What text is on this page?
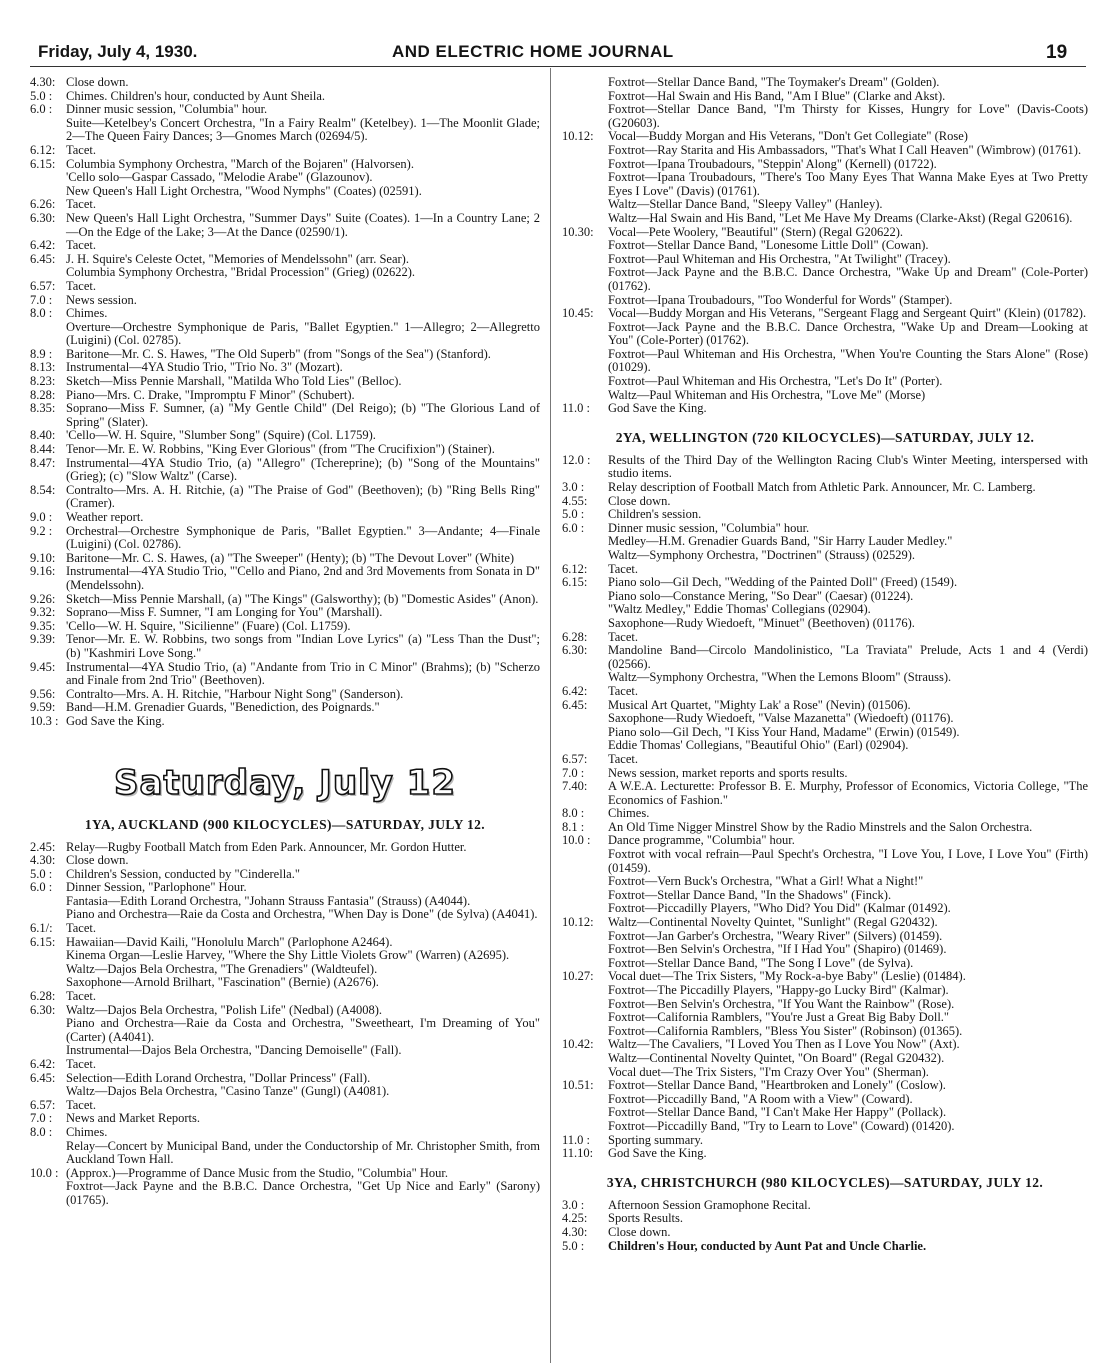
Friday, July 4, 1930.	AND ELECTRIC HOME JOURNAL	19
4.30: Close down.
5.0 :	Chimes. Children's hour, conducted by Aunt Sheila.
6.0 :	Dinner music session, "Columbia" hour.
Suite—Ketelbey's Concert Orchestra, "In a Fairy Realm" (Ketelbey). 1—The Moonlit Glade; 2—The Queen Fairy Dances; 3—Gnomes March (02694/5).
6.12: Tacet.
6.15: Columbia Symphony Orchestra, "March of the Bojaren" (Halvorsen).
'Cello solo—Gaspar Cassado, "Melodie Arabe" (Glazounov).
New Queen's Hall Light Orchestra, "Wood Nymphs" (Coates) (02591).
6.26: Tacet.
6.30: New Queen's Hall Light Orchestra, "Summer Days" Suite (Coates). 1—In a Country Lane; 2—On the Edge of the Lake; 3—At the Dance (02590/1).
6.42: Tacet.
6.45: J. H. Squire's Celeste Octet, "Memories of Mendelssohn" (arr. Sear).
Columbia Symphony Orchestra, "Bridal Procession" (Grieg) (02622).
6.57: Tacet.
7.0 :	News session.
8.0 :	Chimes.
Overture—Orchestre Symphonique de Paris, "Ballet Egyptien." 1—Allegro; 2—Allegretto (Luigini) (Col. 02785).
8.9 :	Baritone—Mr. C. S. Hawes, "The Old Superb" (from "Songs of the Sea") (Stanford).
8.13: Instrumental—4YA Studio Trio, "Trio No. 3" (Mozart).
8.23: Sketch—Miss Pennie Marshall, "Matilda Who Told Lies" (Belloc).
8.28: Piano—Mrs. C. Drake, "Impromptu F Minor" (Schubert).
8.35: Soprano—Miss F. Sumner, (a) "My Gentle Child" (Del Reigo); (b) "The Glorious Land of Spring" (Slater).
8.40: 'Cello—W. H. Squire, "Slumber Song" (Squire) (Col. L1759).
8.44: Tenor—Mr. E. W. Robbins, "King Ever Glorious" (from "The Crucifixion") (Stainer).
8.47: Instrumental—4YA Studio Trio, (a) "Allegro" (Tchereprine); (b) "Song of the Mountains" (Grieg); (c) "Slow Waltz" (Carse).
8.54: Contralto—Mrs. A. H. Ritchie, (a) "The Praise of God" (Beethoven); (b) "Ring Bells Ring" (Cramer).
9.0 :	Weather report.
9.2 :	Orchestral—Orchestre Symphonique de Paris, "Ballet Egyptien." 3—Andante; 4—Finale (Luigini) (Col. 02786).
9.10: Baritone—Mr. C. S. Hawes, (a) "The Sweeper" (Henty); (b) "The Devout Lover" (White)
9.16: Instrumental—4YA Studio Trio, "'Cello and Piano, 2nd and 3rd Movements from Sonata in D" (Mendelssohn).
9.26: Sketch—Miss Pennie Marshall, (a) "The Kings" (Galsworthy); (b) "Domestic Asides" (Anon).
9.32: Soprano—Miss F. Sumner, "I am Longing for You" (Marshall).
9.35: 'Cello—W. H. Squire, "Sicilienne" (Fuare) (Col. L1759).
9.39: Tenor—Mr. E. W. Robbins, two songs from "Indian Love Lyrics" (a) "Less Than the Dust"; (b) "Kashmiri Love Song."
9.45: Instrumental—4YA Studio Trio, (a) "Andante from Trio in C Minor" (Brahms); (b) "Scherzo and Finale from 2nd Trio" (Beethoven).
9.56: Contralto—Mrs. A. H. Ritchie, "Harbour Night Song" (Sanderson).
9.59: Band—H.M. Grenadier Guards, "Benediction, des Poignards."
10.3 : God Save the King.
Saturday, July 12
1YA, AUCKLAND (900 KILOCYCLES)—SATURDAY, JULY 12.
2.45: Relay—Rugby Football Match from Eden Park. Announcer, Mr. Gordon Hutter.
4.30: Close down.
5.0 :	Children's Session, conducted by "Cinderella."
6.0 :	Dinner Session, "Parlophone" Hour.
Fantasia—Edith Lorand Orchestra, "Johann Strauss Fantasia" (Strauss) (A4044).
Piano and Orchestra—Raie da Costa and Orchestra, "When Day is Done" (de Sylva) (A4041).
6.1/:	Tacet.
6.15: Hawaiian—David Kaili, "Honolulu March" (Parlophone A2464).
Kinema Organ—Leslie Harvey, "Where the Shy Little Violets Grow" (Warren) (A2695).
Waltz—Dajos Bela Orchestra, "The Grenadiers" (Waldteufel).
Saxophone—Arnold Brilhart, "Fascination" (Bernie) (A2676).
6.28: Tacet.
6.30: Waltz—Dajos Bela Orchestra, "Polish Life" (Nedbal) (A4008).
Piano and Orchestra—Raie da Costa and Orchestra, "Sweetheart, I'm Dreaming of You" (Carter) (A4041).
Instrumental—Dajos Bela Orchestra, "Dancing Demoiselle" (Fall).
6.42: Tacet.
6.45: Selection—Edith Lorand Orchestra, "Dollar Princess" (Fall).
Waltz—Dajos Bela Orchestra, "Casino Tanze" (Gungl) (A4081).
6.57: Tacet.
7.0 :	News and Market Reports.
8.0 :	Chimes.
Relay—Concert by Municipal Band, under the Conductorship of Mr. Christopher Smith, from Auckland Town Hall.
10.0 : (Approx.)—Programme of Dance Music from the Studio, "Columbia" Hour.
Foxtrot—Jack Payne and the B.B.C. Dance Orchestra, "Get Up Nice and Early" (Sarony) (01765).
Foxtrot—Stellar Dance Band, "The Toymaker's Dream" (Golden).
Foxtrot—Hal Swain and His Band, "Am I Blue" (Clarke and Akst).
Foxtrot—Stellar Dance Band, "I'm Thirsty for Kisses, Hungry for Love" (Davis-Coots) (G20603).
10.12:	Vocal—Buddy Morgan and His Veterans, "Don't Get Collegiate" (Rose)
Foxtrot—Ray Starita and His Ambassadors, "That's What I Call Heaven" (Wimbrow) (01761).
Foxtrot—Ipana Troubadours, "Steppin' Along" (Kernell) (01722).
Foxtrot—Ipana Troubadours, "There's Too Many Eyes That Wanna Make Eyes at Two Pretty Eyes I Love" (Davis) (01761).
Waltz—Stellar Dance Band, "Sleepy Valley" (Hanley).
Waltz—Hal Swain and His Band, "Let Me Have My Dreams (Clarke-Akst) (Regal G20616).
10.30:	Vocal—Pete Woolery, "Beautiful" (Stern) (Regal G20622).
Foxtrot—Stellar Dance Band, "Lonesome Little Doll" (Cowan).
Foxtrot—Paul Whiteman and His Orchestra, "At Twilight" (Tracey).
Foxtrot—Jack Payne and the B.B.C. Dance Orchestra, "Wake Up and Dream" (Cole-Porter) (01762).
Foxtrot—Ipana Troubadours, "Too Wonderful for Words" (Stamper).
10.45:	Vocal—Buddy Morgan and His Veterans, "Sergeant Flagg and Sergeant Quirt" (Klein) (01782).
Foxtrot—Jack Payne and the B.B.C. Dance Orchestra, "Wake Up and Dream—Looking at You" (Cole-Porter) (01762).
Foxtrot—Paul Whiteman and His Orchestra, "When You're Counting the Stars Alone" (Rose) (01029).
Foxtrot—Paul Whiteman and His Orchestra, "Let's Do It" (Porter).
Waltz—Paul Whiteman and His Orchestra, "Love Me" (Morse)
11.0 :	God Save the King.
2YA, WELLINGTON (720 KILOCYCLES)—SATURDAY, JULY 12.
12.0 :	Results of the Third Day of the Wellington Racing Club's Winter Meeting, interspersed with studio items.
3.0 :	Relay description of Football Match from Athletic Park. Announcer, Mr. C. Lamberg.
4.55:	Close down.
5.0 :	Children's session.
6.0 :	Dinner music session, "Columbia" hour.
Medley—H.M. Grenadier Guards Band, "Sir Harry Lauder Medley."
Waltz—Symphony Orchestra, "Doctrinen" (Strauss) (02529).
6.12:	Tacet.
6.15:	Piano solo—Gil Dech, "Wedding of the Painted Doll" (Freed) (1549).
Piano solo—Constance Mering, "So Dear" (Caesar) (01224).
"Waltz Medley," Eddie Thomas' Collegians (02904).
Saxophone—Rudy Wiedoeft, "Minuet" (Beethoven) (01176).
6.28:	Tacet.
6.30:	Mandoline Band—Circolo Mandolinistico, "La Traviata" Prelude, Acts 1 and 4 (Verdi) (02566).
Waltz—Symphony Orchestra, "When the Lemons Bloom" (Strauss).
6.42:	Tacet.
6.45:	Musical Art Quartet, "Mighty Lak' a Rose" (Nevin) (01506).
Saxophone—Rudy Wiedoeft, "Valse Mazanetta" (Wiedoeft) (01176).
Piano solo—Gil Dech, "I Kiss Your Hand, Madame" (Erwin) (01549).
Eddie Thomas' Collegians, "Beautiful Ohio" (Earl) (02904).
6.57:	Tacet.
7.0 :	News session, market reports and sports results.
7.40:	A W.E.A. Lecturette: Professor B. E. Murphy, Professor of Economics, Victoria College, "The Economics of Fashion."
8.0 :	Chimes.
8.1 :	An Old Time Nigger Minstrel Show by the Radio Minstrels and the Salon Orchestra.
10.0 :	Dance programme, "Columbia" hour.
Foxtrot with vocal refrain—Paul Specht's Orchestra, "I Love You, I Love, I Love You" (Firth) (01459).
Foxtrot—Vern Buck's Orchestra, "What a Girl! What a Night!"
Foxtrot—Stellar Dance Band, "In the Shadows" (Finck).
Foxtrot—Piccadilly Players, "Who Did? You Did" (Kalmar (01492).
10.12:	Waltz—Continental Novelty Quintet, "Sunlight" (Regal G20432).
Foxtrot—Jan Garber's Orchestra, "Weary River" (Silvers) (01459).
Foxtrot—Ben Selvin's Orchestra, "If I Had You" (Shapiro) (01469).
Foxtrot—Stellar Dance Band, "The Song I Love" (de Sylva).
10.27:	Vocal duet—The Trix Sisters, "My Rock-a-bye Baby" (Leslie) (01484).
Foxtrot—The Piccadilly Players, "Happy-go Lucky Bird" (Kalmar).
Foxtrot—Ben Selvin's Orchestra, "If You Want the Rainbow" (Rose).
Foxtrot—California Ramblers, "You're Just a Great Big Baby Doll."
Foxtrot—California Ramblers, "Bless You Sister" (Robinson) (01365).
10.42:	Waltz—The Cavaliers, "I Loved You Then as I Love You Now" (Axt).
Waltz—Continental Novelty Quintet, "On Board" (Regal G20432).
Vocal duet—The Trix Sisters, "I'm Crazy Over You" (Sherman).
10.51:	Foxtrot—Stellar Dance Band, "Heartbroken and Lonely" (Coslow).
Foxtrot—Piccadilly Band, "A Room with a View" (Coward).
Foxtrot—Stellar Dance Band, "I Can't Make Her Happy" (Pollack).
Foxtrot—Piccadilly Band, "Try to Learn to Love" (Coward) (01420).
11.0 :	Sporting summary.
11.10:	God Save the King.
3YA, CHRISTCHURCH (980 KILOCYCLES)—SATURDAY, JULY 12.
3.0 :	Afternoon Session Gramophone Recital.
4.25:	Sports Results.
4.30:	Close down.
5.0 :	Children's Hour, conducted by Aunt Pat and Uncle Charlie.
